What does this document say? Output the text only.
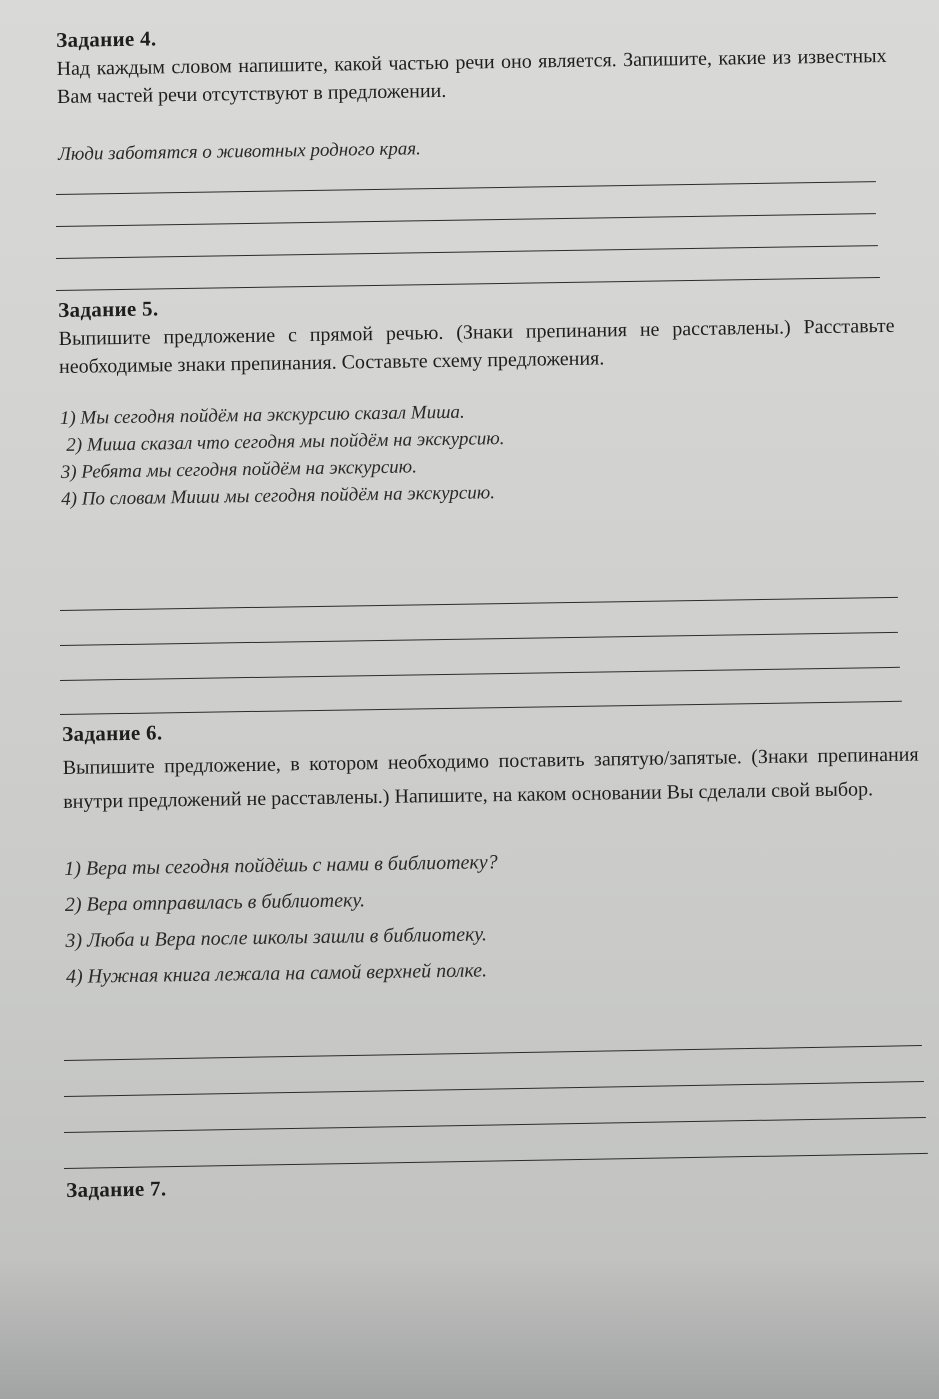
Задание 4.
Над каждым словом напишите, какой частью речи оно является. Запишите, какие из известных Вам частей речи отсутствуют в предложении.
Люди заботятся о животных родного края.
Задание 5.
Выпишите предложение с прямой речью. (Знаки препинания не расставлены.) Расставьте необходимые знаки препинания. Составьте схему предложения.

1) Мы сегодня пойдём на экскурсию сказал Миша.

2) Миша сказал что сегодня мы пойдём на экскурсию.

3) Ребята мы сегодня пойдём на экскурсию.

4) По словам Миши мы сегодня пойдём на экскурсию.

Задание 6.
Выпишите предложение, в котором необходимо поставить запятую/запятые. (Знаки препинания внутри предложений не расставлены.) Напишите, на каком основании Вы сделали свой выбор.

1) Вера ты сегодня пойдёшь с нами в библиотеку?

2) Вера отправилась в библиотеку.

3) Люба и Вера после школы зашли в библиотеку.

4) Нужная книга лежала на самой верхней полке.

Задание 7.
